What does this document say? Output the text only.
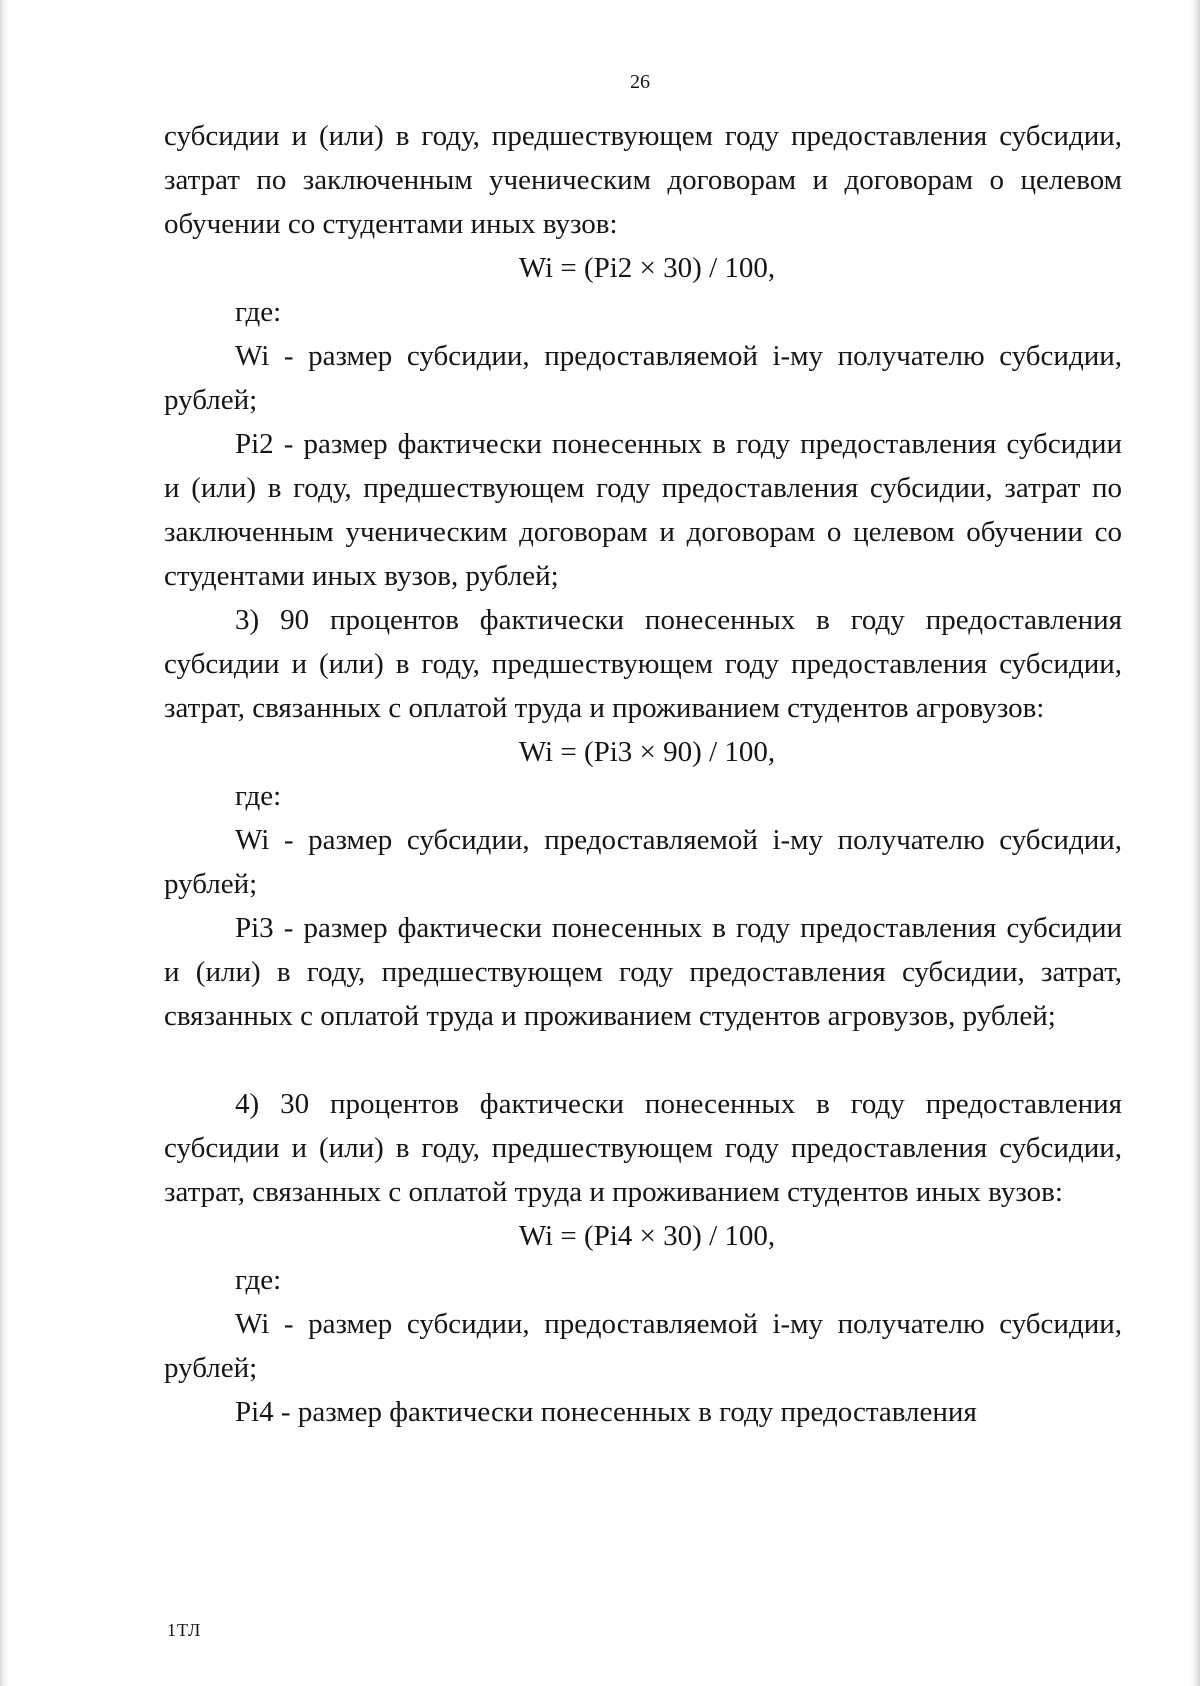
26

субсидии и (или) в году, предшествующем году предоставления субсидии, затрат по заключенным ученическим договорам и договорам о целевом обучении со студентами иных вузов:

Wi = (Pi2 × 30) / 100,

где:

Wi - размер субсидии, предоставляемой i-му получателю субсидии, рублей;

Pi2 - размер фактически понесенных в году предоставления субсидии и (или) в году, предшествующем году предоставления субсидии, затрат по заключенным ученическим договорам и договорам о целевом обучении со студентами иных вузов, рублей;

3) 90 процентов фактически понесенных в году предоставления субсидии и (или) в году, предшествующем году предоставления субсидии, затрат, связанных с оплатой труда и проживанием студентов агровузов:

Wi = (Pi3 × 90) / 100,

где:

Wi - размер субсидии, предоставляемой i-му получателю субсидии, рублей;

Pi3 - размер фактически понесенных в году предоставления субсидии и (или) в году, предшествующем году предоставления субсидии, затрат, связанных с оплатой труда и проживанием студентов агровузов, рублей;

4) 30 процентов фактически понесенных в году предоставления субсидии и (или) в году, предшествующем году предоставления субсидии, затрат, связанных с оплатой труда и проживанием студентов иных вузов:

Wi = (Pi4 × 30) / 100,

где:

Wi - размер субсидии, предоставляемой i-му получателю субсидии, рублей;

Pi4 - размер фактически понесенных в году предоставления

1ТЛ
